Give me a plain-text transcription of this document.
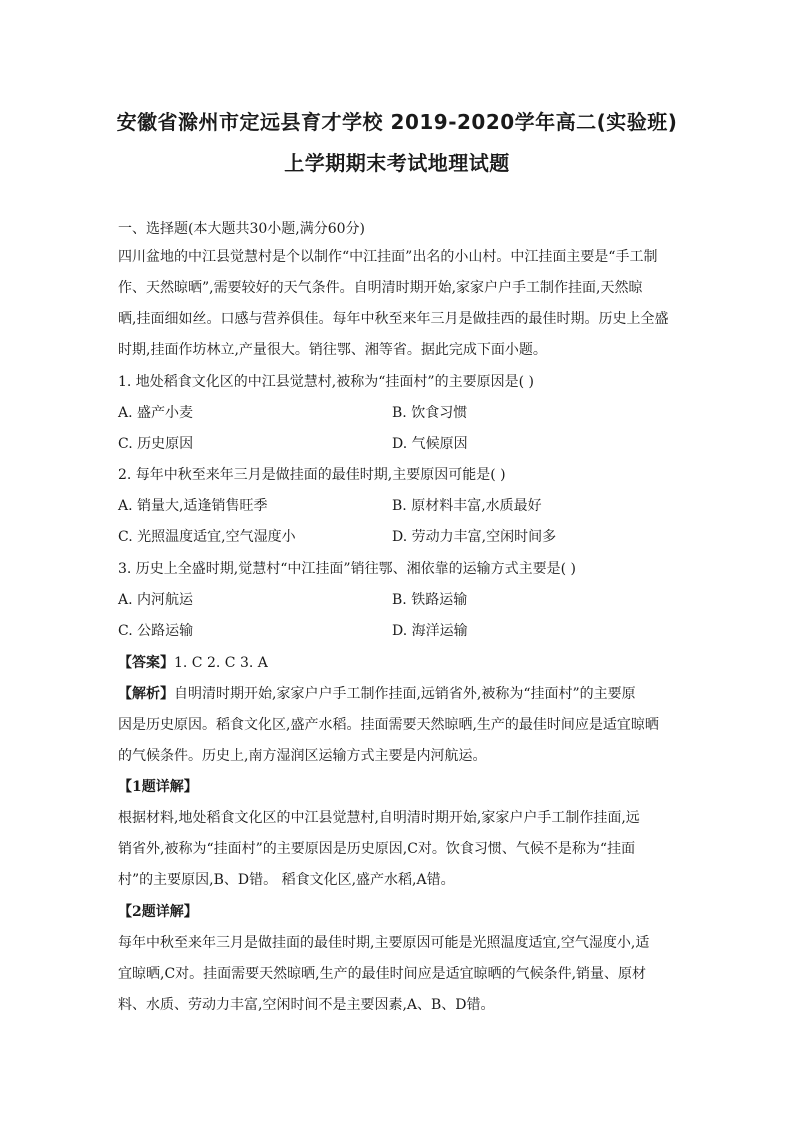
安徽省滁州市定远县育才学校 2019-2020学年高二(实验班)
上学期期末考试地理试题
一、选择题(本大题共30小题,满分60分)
四川盆地的中江县觉慧村是个以制作“中江挂面”出名的小山村。中江挂面主要是“手工制
作、天然晾晒”,需要较好的天气条件。自明清时期开始,家家户户手工制作挂面,天然晾
晒,挂面细如丝。口感与营养俱佳。每年中秋至来年三月是做挂西的最佳时期。历史上全盛
时期,挂面作坊林立,产量很大。销往鄂、湘等省。据此完成下面小题。
1. 地处稻食文化区的中江县觉慧村,被称为“挂面村”的主要原因是( )
A. 盛产小麦	B. 饮食习惯
C. 历史原因	D. 气候原因
2. 每年中秋至来年三月是做挂面的最佳时期,主要原因可能是( )
A. 销量大,适逢销售旺季	B. 原材料丰富,水质最好
C. 光照温度适宜,空气湿度小	D. 劳动力丰富,空闲时间多
3. 历史上全盛时期,觉慧村“中江挂面”销往鄂、湘依靠的运输方式主要是( )
A. 内河航运	B. 铁路运输
C. 公路运输	D. 海洋运输
【答案】1. C 2. C 3. A
【解析】自明清时期开始,家家户户手工制作挂面,远销省外,被称为“挂面村”的主要原
因是历史原因。稻食文化区,盛产水稻。挂面需要天然晾晒,生产的最佳时间应是适宜晾晒
的气候条件。历史上,南方湿润区运输方式主要是内河航运。
【1题详解】
根据材料,地处稻食文化区的中江县觉慧村,自明清时期开始,家家户户手工制作挂面,远
销省外,被称为“挂面村”的主要原因是历史原因,C对。饮食习惯、气候不是称为“挂面
村”的主要原因,B、D错。 稻食文化区,盛产水稻,A错。
【2题详解】
每年中秋至来年三月是做挂面的最佳时期,主要原因可能是光照温度适宜,空气湿度小,适
宜晾晒,C对。挂面需要天然晾晒,生产的最佳时间应是适宜晾晒的气候条件,销量、原材
料、水质、劳动力丰富,空闲时间不是主要因素,A、B、D错。
